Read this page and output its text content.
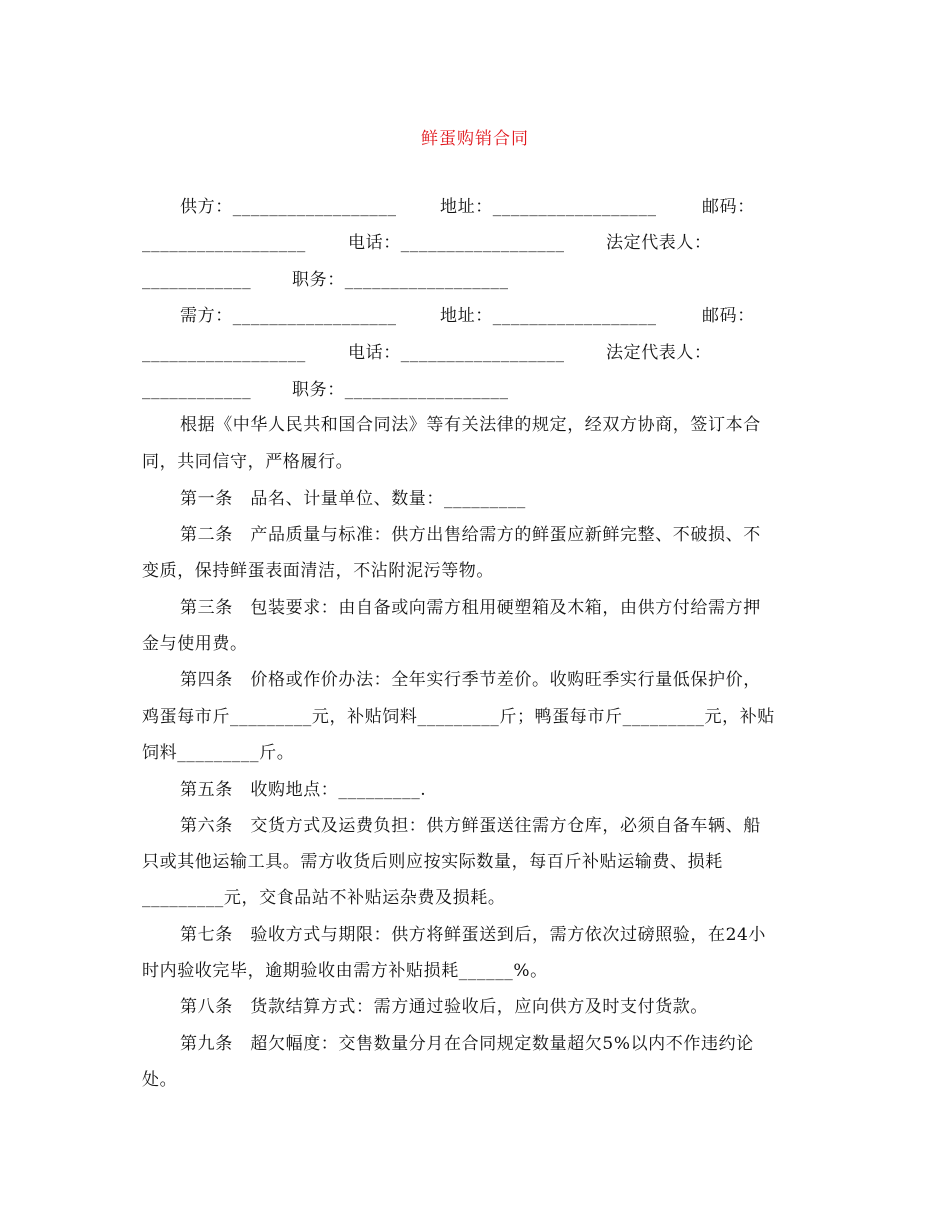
鲜蛋购销合同
供方：__________________	地址：__________________	邮码：
__________________ 电话：__________________ 法定代表人：
____________ 职务：__________________
需方：__________________	地址：__________________	邮码：
__________________ 电话：__________________ 法定代表人：
____________ 职务：__________________
根据《中华人民共和国合同法》等有关法律的规定，经双方协商，签订本合
同，共同信守，严格履行。
第一条　品名、计量单位、数量：_________
第二条　产品质量与标准：供方出售给需方的鲜蛋应新鲜完整、不破损、不
变质，保持鲜蛋表面清洁，不沾附泥污等物。
第三条　包装要求：由自备或向需方租用硬塑箱及木箱，由供方付给需方押
金与使用费。
第四条　价格或作价办法：全年实行季节差价。收购旺季实行量低保护价，
鸡蛋每市斤_________元，补贴饲料_________斤；鸭蛋每市斤_________元，补贴
饲料_________斤。
第五条　收购地点：_________.
第六条　交货方式及运费负担：供方鲜蛋送往需方仓库，必须自备车辆、船
只或其他运输工具。需方收货后则应按实际数量，每百斤补贴运输费、损耗
_________元，交食品站不补贴运杂费及损耗。
第七条　验收方式与期限：供方将鲜蛋送到后，需方依次过磅照验，在24小
时内验收完毕，逾期验收由需方补贴损耗______%。
第八条　货款结算方式：需方通过验收后，应向供方及时支付货款。
第九条　超欠幅度：交售数量分月在合同规定数量超欠5%以内不作违约论
处。
